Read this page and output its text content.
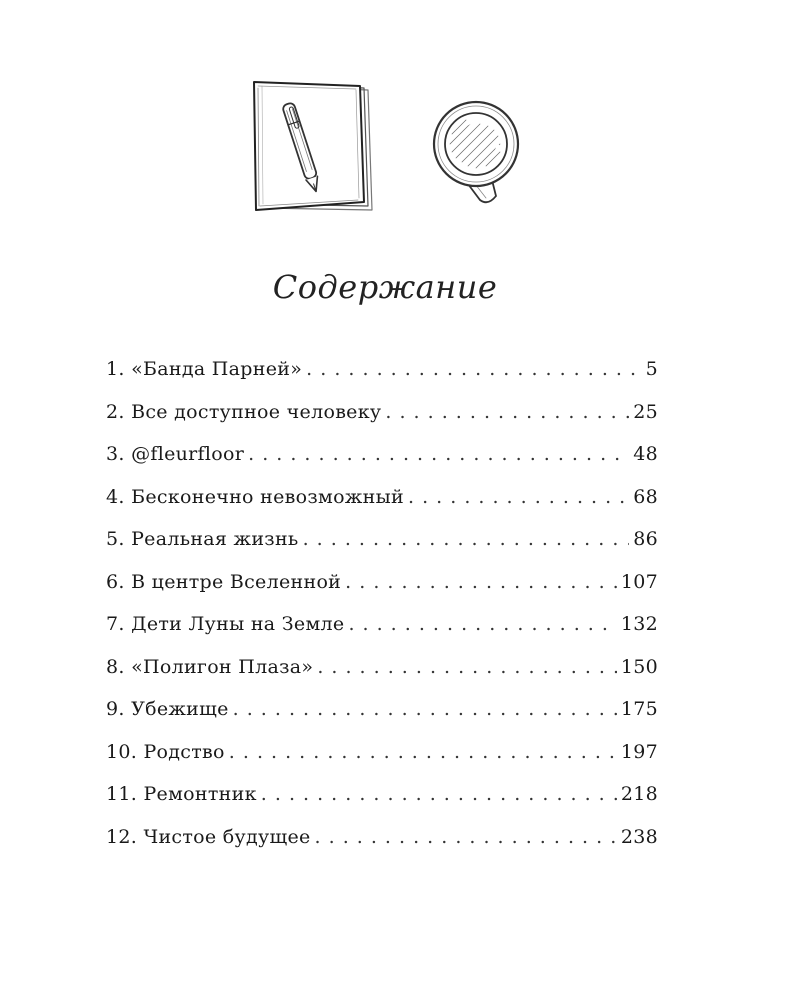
Содержание
1. «Банда Парней» . . .	5
2. Все доступное человеку . . .	25
3. @fleurfloor . . .	48
4. Бесконечно невозможный . . .	68
5. Реальная жизнь . . .	86
6. В центре Вселенной . . .	107
7. Дети Луны на Земле . . .	132
8. «Полигон Плаза» . . .	150
9. Убежище . . .	175
10. Родство . . .	197
11. Ремонтник . . .	218
12. Чистое будущее . . .	238
